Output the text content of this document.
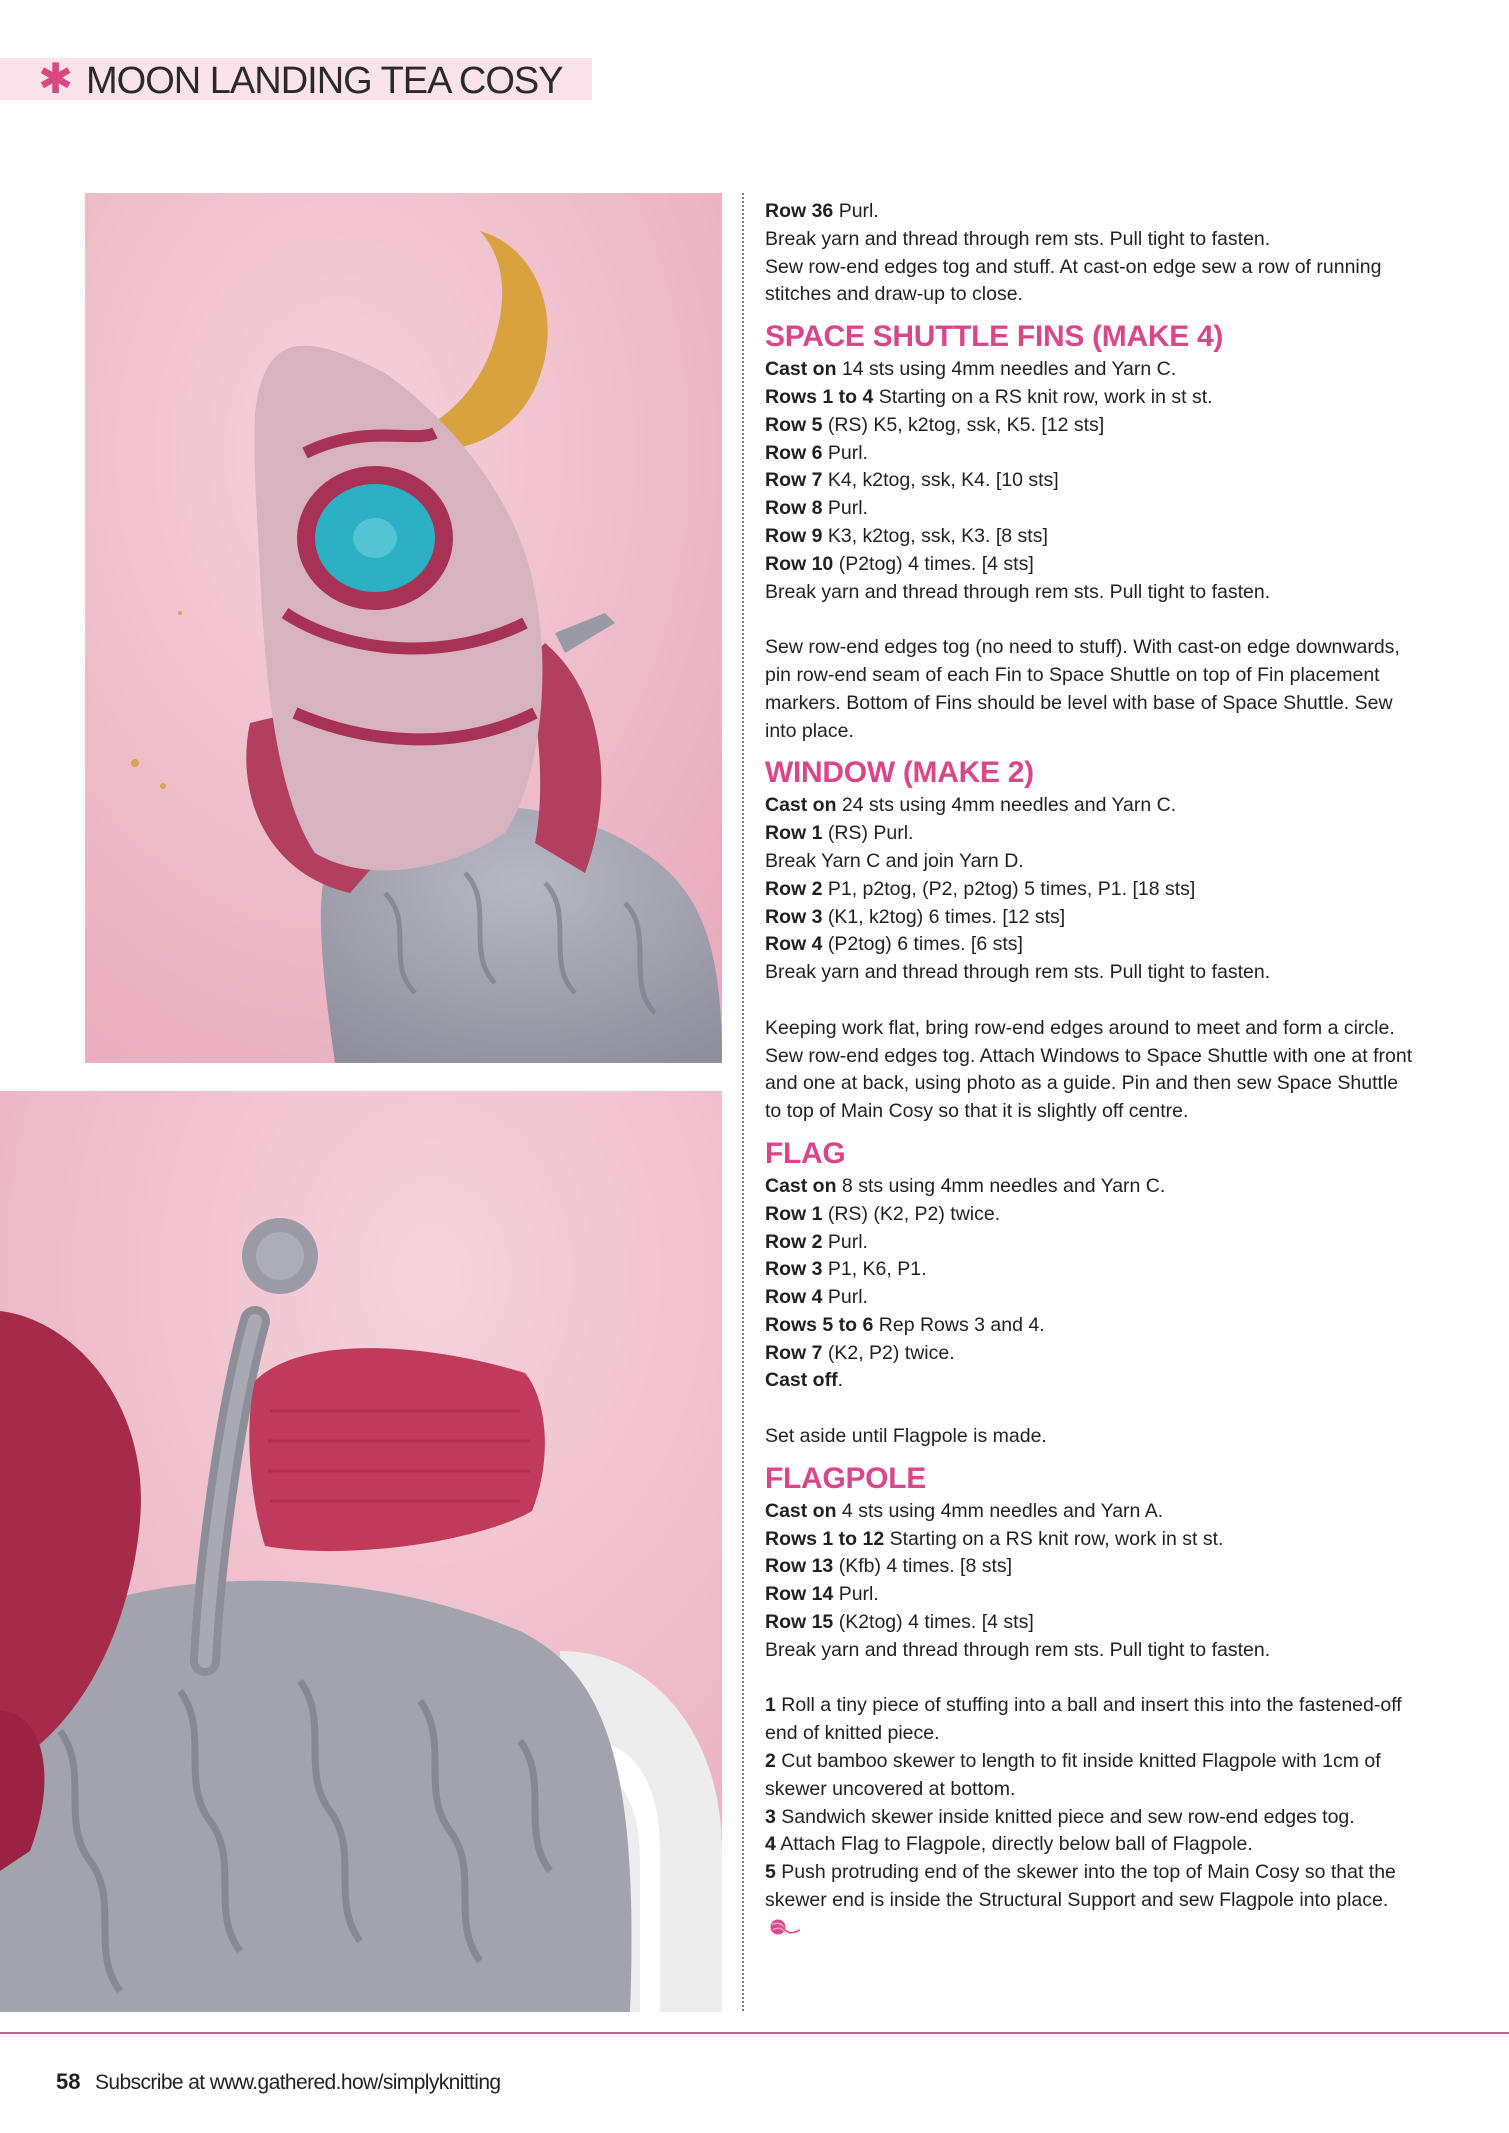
✱ MOON LANDING TEA COSY

Row 36 Purl.

Break yarn and thread through rem sts. Pull tight to fasten.

Sew row-end edges tog and stuff. At cast-on edge sew a row of running stitches and draw-up to close.

SPACE SHUTTLE FINS (MAKE 4)

Cast on 14 sts using 4mm needles and Yarn C.

Rows 1 to 4 Starting on a RS knit row, work in st st.

Row 5 (RS) K5, k2tog, ssk, K5. [12 sts]

Row 6 Purl.

Row 7 K4, k2tog, ssk, K4. [10 sts]

Row 8 Purl.

Row 9 K3, k2tog, ssk, K3. [8 sts]

Row 10 (P2tog) 4 times. [4 sts]

Break yarn and thread through rem sts. Pull tight to fasten.

Sew row-end edges tog (no need to stuff). With cast-on edge downwards, pin row-end seam of each Fin to Space Shuttle on top of Fin placement markers. Bottom of Fins should be level with base of Space Shuttle. Sew into place.

WINDOW (MAKE 2)

Cast on 24 sts using 4mm needles and Yarn C.

Row 1 (RS) Purl.

Break Yarn C and join Yarn D.

Row 2 P1, p2tog, (P2, p2tog) 5 times, P1. [18 sts]

Row 3 (K1, k2tog) 6 times. [12 sts]

Row 4 (P2tog) 6 times. [6 sts]

Break yarn and thread through rem sts. Pull tight to fasten.

Keeping work flat, bring row-end edges around to meet and form a circle. Sew row-end edges tog. Attach Windows to Space Shuttle with one at front and one at back, using photo as a guide. Pin and then sew Space Shuttle to top of Main Cosy so that it is slightly off centre.

FLAG

Cast on 8 sts using 4mm needles and Yarn C.

Row 1 (RS) (K2, P2) twice.

Row 2 Purl.

Row 3 P1, K6, P1.

Row 4 Purl.

Rows 5 to 6 Rep Rows 3 and 4.

Row 7 (K2, P2) twice.

Cast off.

Set aside until Flagpole is made.

FLAGPOLE

Cast on 4 sts using 4mm needles and Yarn A.

Rows 1 to 12 Starting on a RS knit row, work in st st.

Row 13 (Kfb) 4 times. [8 sts]

Row 14 Purl.

Row 15 (K2tog) 4 times. [4 sts]

Break yarn and thread through rem sts. Pull tight to fasten.

1 Roll a tiny piece of stuffing into a ball and insert this into the fastened-off end of knitted piece.

2 Cut bamboo skewer to length to fit inside knitted Flagpole with 1cm of skewer uncovered at bottom.

3 Sandwich skewer inside knitted piece and sew row-end edges tog.

4 Attach Flag to Flagpole, directly below ball of Flagpole.

5 Push protruding end of the skewer into the top of Main Cosy so that the skewer end is inside the Structural Support and sew Flagpole into place.

58 Subscribe at www.gathered.how/simplyknitting
